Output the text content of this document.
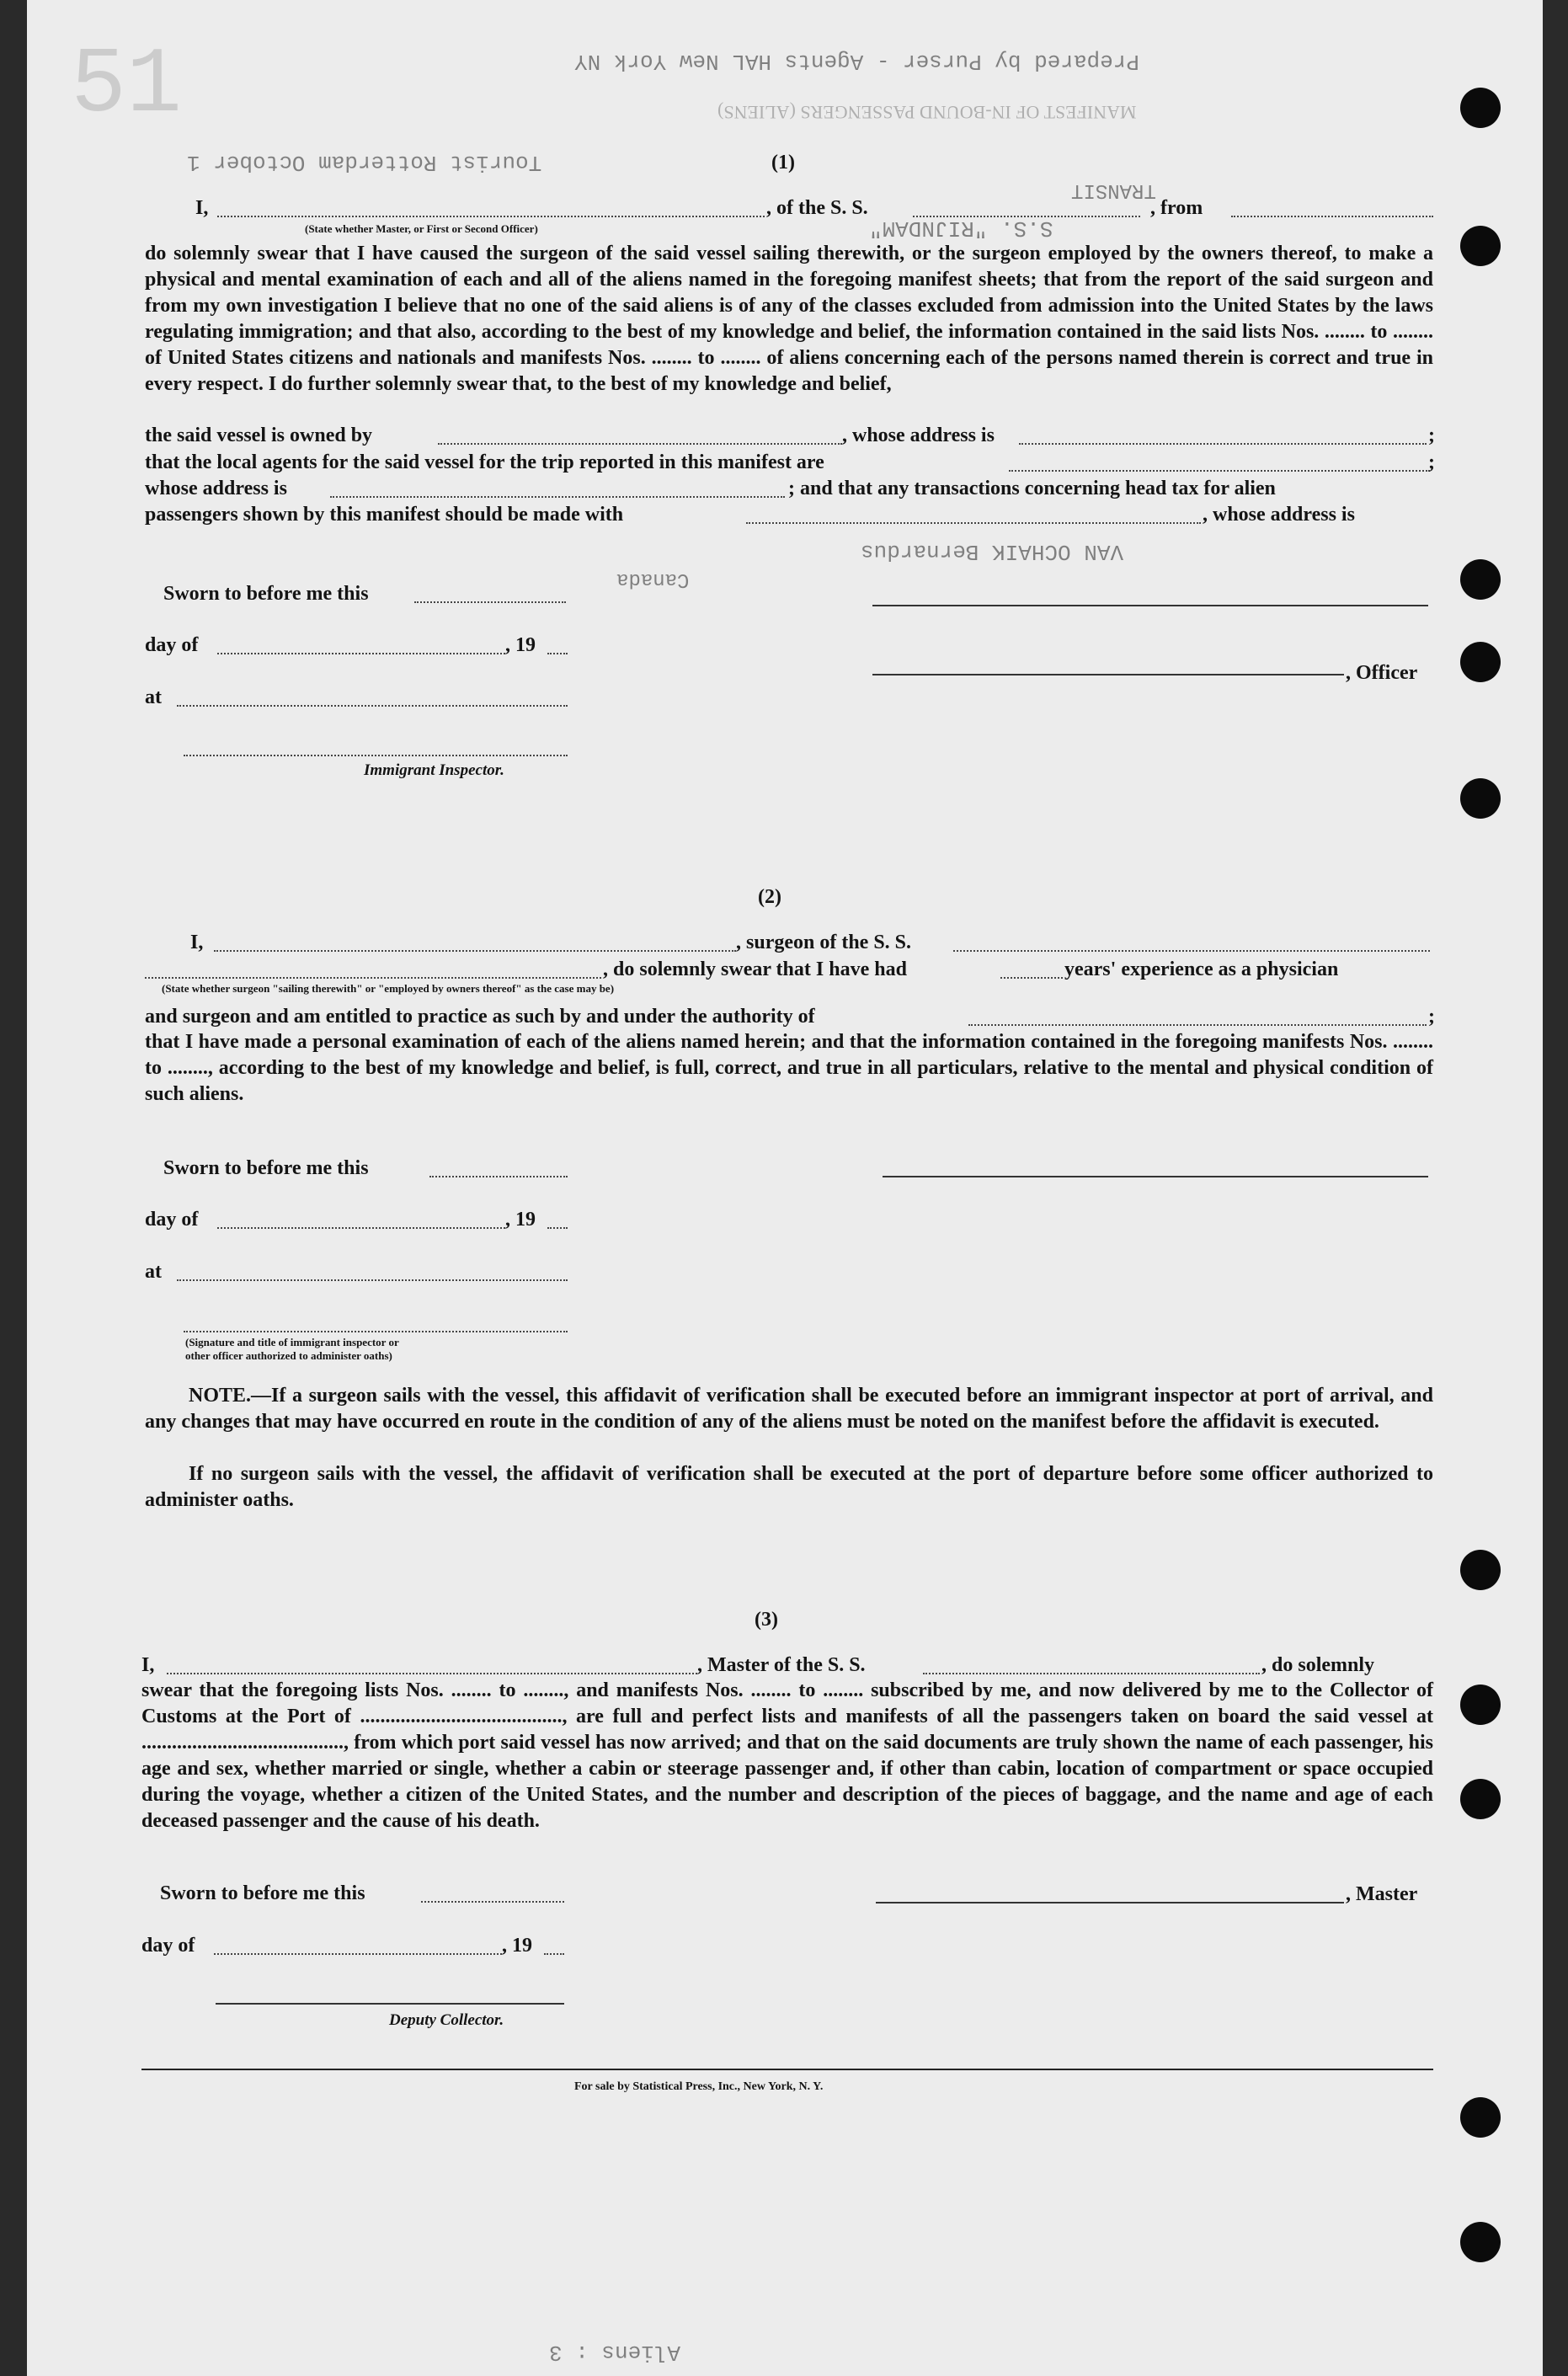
51	Prepared by Purser - Agents HAL New York NY
MANIFEST OF IN-BOUND PASSENGERS (ALIENS)
Tourist Rotterdam October 1
TRANSIT
S.S. "RIJNDAM"
VAN OCHAIK Bernardus
Canada
Aliens : 3
(1)
I,	, of the S. S.	, from
(State whether Master, or First or Second Officer)
do solemnly swear that I have caused the surgeon of the said vessel sailing therewith, or the surgeon employed by the owners thereof, to make a physical and mental examination of each and all of the aliens named in the foregoing manifest sheets; that from the report of the said surgeon and from my own investigation I believe that no one of the said aliens is of any of the classes excluded from admission into the United States by the laws regulating immigration; and that also, according to the best of my knowledge and belief, the information contained in the said lists Nos. ........ to ........ of United States citizens and nationals and manifests Nos. ........ to ........ of aliens concerning each of the persons named therein is correct and true in every respect. I do further solemnly swear that, to the best of my knowledge and belief,
the said vessel is owned by	, whose address is	;
that the local agents for the said vessel for the trip reported in this manifest are	;
whose address is	; and that any transactions concerning head tax for alien
passengers shown by this manifest should be made with	, whose address is
Sworn to before me this
day of	, 19
, Officer
at
Immigrant Inspector.
(2)
I,	, surgeon of the S. S.
, do solemnly swear that I have had	years' experience as a physician
(State whether surgeon "sailing therewith" or "employed by owners thereof" as the case may be)
and surgeon and am entitled to practice as such by and under the authority of	;
that I have made a personal examination of each of the aliens named herein; and that the information contained in the foregoing manifests Nos. ........ to ........, according to the best of my knowledge and belief, is full, correct, and true in all particulars, relative to the mental and physical condition of such aliens.
Sworn to before me this
day of	, 19
at
(Signature and title of immigrant inspector or
other officer authorized to administer oaths)
NOTE.—If a surgeon sails with the vessel, this affidavit of verification shall be executed before an immigrant inspector at port of arrival, and any changes that may have occurred en route in the condition of any of the aliens must be noted on the manifest before the affidavit is executed.
If no surgeon sails with the vessel, the affidavit of verification shall be executed at the port of departure before some officer authorized to administer oaths.
(3)
I,	, Master of the S. S.	, do solemnly
swear that the foregoing lists Nos. ........ to ........, and manifests Nos. ........ to ........ subscribed by me, and now delivered by me to the Collector of Customs at the Port of ........................................, are full and perfect lists and manifests of all the passengers taken on board the said vessel at ........................................, from which port said vessel has now arrived; and that on the said documents are truly shown the name of each passenger, his age and sex, whether married or single, whether a cabin or steerage passenger and, if other than cabin, location of compartment or space occupied during the voyage, whether a citizen of the United States, and the number and description of the pieces of baggage, and the name and age of each deceased passenger and the cause of his death.
Sworn to before me this	, Master
day of	, 19
Deputy Collector.
For sale by Statistical Press, Inc., New York, N. Y.
